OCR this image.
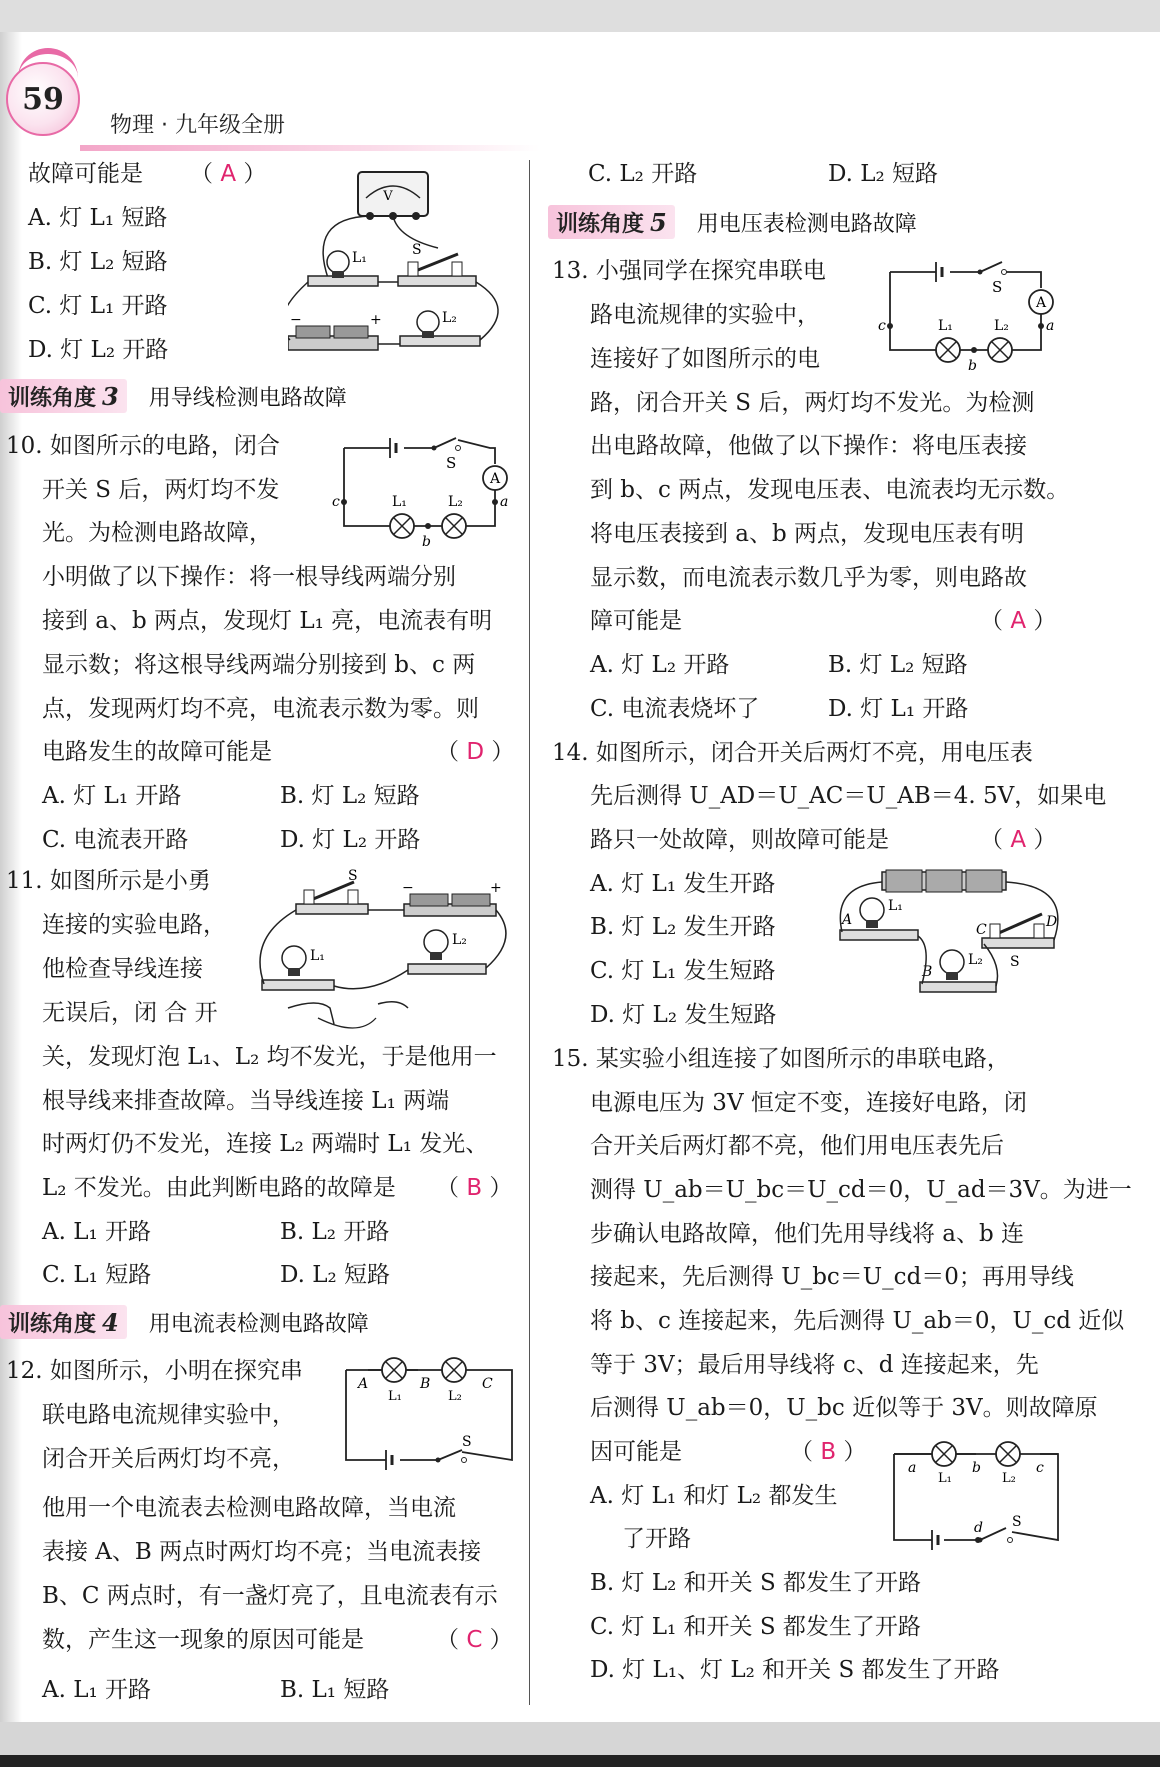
59
物理 · 九年级全册
故障可能是 （ A ）
A. 灯 L₁ 短路
B. 灯 L₂ 短路
C. 灯 L₁ 开路
D. 灯 L₂ 开路
V
L₁	S
L₂
−	+
训练角度 3 用导线检测电路故障
10. 如图所示的电路，闭合
开关 S 后，两灯均不发
光。为检测电路故障，
小明做了以下操作：将一根导线两端分别
接到 a、b 两点，发现灯 L₁ 亮，电流表有明
显示数；将这根导线两端分别接到 b、c 两
点，发现两灯均不亮，电流表示数为零。则
电路发生的故障可能是	（ D ）
A. 灯 L₁ 开路	B. 灯 L₂ 短路
C. 电流表开路	D. 灯 L₂ 开路
S
A
L₁	L₂
b
c	a
11. 如图所示是小勇
连接的实验电路，
他检查导线连接
无误后，闭 合 开
关，发现灯泡 L₁、L₂ 均不发光，于是他用一
根导线来排查故障。当导线连接 L₁ 两端
时两灯仍不发光，连接 L₂ 两端时 L₁ 发光、
L₂ 不发光。由此判断电路的故障是 （ B ）
A. L₁ 开路	B. L₂ 开路
C. L₁ 短路	D. L₂ 短路
S
−	+
L₁
L₂
训练角度 4 用电流表检测电路故障
12. 如图所示，小明在探究串
联电路电流规律实验中，
闭合开关后两灯均不亮，
他用一个电流表去检测电路故障，当电流
表接 A、B 两点时两灯均不亮；当电流表接
B、C 两点时，有一盏灯亮了，且电流表有示
数，产生这一现象的原因可能是	（ C ）
A. L₁ 开路	B. L₁ 短路
S
A	B	C
L₁	L₂
C. L₂ 开路	D. L₂ 短路
训练角度 5 用电压表检测电路故障
13. 小强同学在探究串联电
路电流规律的实验中，
连接好了如图所示的电
路，闭合开关 S 后，两灯均不发光。为检测
出电路故障，他做了以下操作：将电压表接
到 b、c 两点，发现电压表、电流表均无示数。
将电压表接到 a、b 两点，发现电压表有明
显示数，而电流表示数几乎为零，则电路故
障可能是	（ A ）
A. 灯 L₂ 开路	B. 灯 L₂ 短路
C. 电流表烧坏了	D. 灯 L₁ 开路
S
A
L₁	L₂
b
c	a
14. 如图所示，闭合开关后两灯不亮，用电压表
先后测得 U_AD＝U_AC＝U_AB＝4. 5V，如果电
路只一处故障，则故障可能是	（ A ）
A. 灯 L₁ 发生开路
B. 灯 L₂ 发生开路
C. 灯 L₁ 发生短路
D. 灯 L₂ 发生短路
A
L₁
B
L₂
C	D
S
15. 某实验小组连接了如图所示的串联电路，
电源电压为 3V 恒定不变，连接好电路，闭
合开关后两灯都不亮，他们用电压表先后
测得 U_ab＝U_bc＝U_cd＝0，U_ad＝3V。为进一
步确认电路故障，他们先用导线将 a、b 连
接起来，先后测得 U_bc＝U_cd＝0；再用导线
将 b、c 连接起来，先后测得 U_ab＝0，U_cd 近似
等于 3V；最后用导线将 c、d 连接起来，先
后测得 U_ab＝0，U_bc 近似等于 3V。则故障原
因可能是	（ B ）
A. 灯 L₁ 和灯 L₂ 都发生
了开路
B. 灯 L₂ 和开关 S 都发生了开路
C. 灯 L₁ 和开关 S 都发生了开路
D. 灯 L₁、灯 L₂ 和开关 S 都发生了开路
d S
a	b	c
L₁	L₂
